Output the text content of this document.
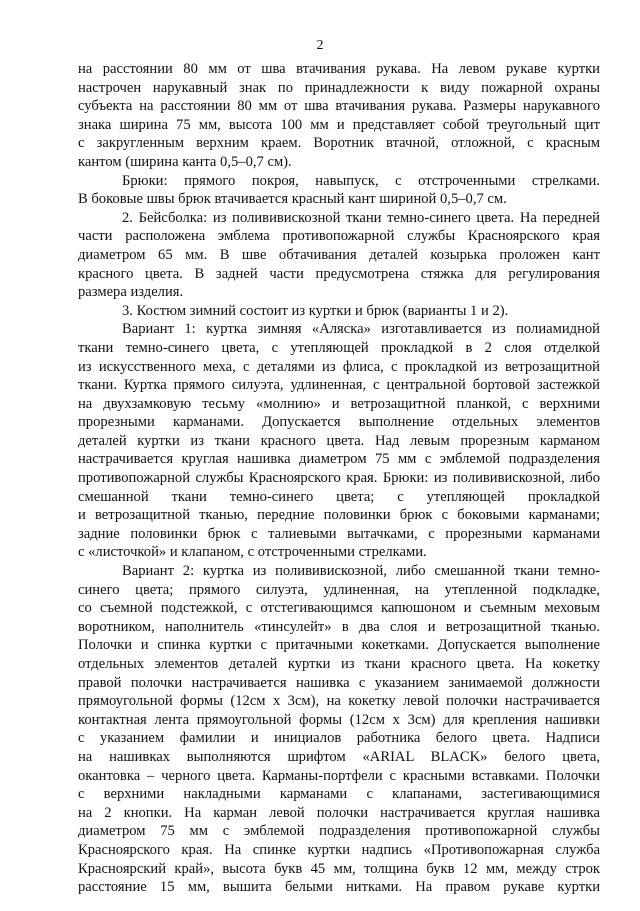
2
на расстоянии 80 мм от шва втачивания рукава. На левом рукаве куртки
настрочен нарукавный знак по принадлежности к виду пожарной охраны
субъекта на расстоянии 80 мм от шва втачивания рукава. Размеры нарукавного
знака ширина 75 мм, высота 100 мм и представляет собой треугольный щит
с закругленным верхним краем. Воротник втачной, отложной, с красным
кантом (ширина канта 0,5–0,7 см).
Брюки: прямого покроя, навыпуск, с отстроченными стрелками.
В боковые швы брюк втачивается красный кант шириной 0,5–0,7 см.
2. Бейсболка: из полививискозной ткани темно-синего цвета. На передней
части расположена эмблема противопожарной службы Красноярского края
диаметром 65 мм. В шве обтачивания деталей козырька проложен кант
красного цвета. В задней части предусмотрена стяжка для регулирования
размера изделия.
3. Костюм зимний состоит из куртки и брюк (варианты 1 и 2).
Вариант 1: куртка зимняя «Аляска» изготавливается из полиамидной
ткани темно-синего цвета, с утепляющей прокладкой в 2 слоя отделкой
из искусственного меха, с деталями из флиса, с прокладкой из ветрозащитной
ткани. Куртка прямого силуэта, удлиненная, с центральной бортовой застежкой
на двухзамковую тесьму «молнию» и ветрозащитной планкой, с верхними
прорезными карманами. Допускается выполнение отдельных элементов
деталей куртки из ткани красного цвета. Над левым прорезным карманом
настрачивается круглая нашивка диаметром 75 мм с эмблемой подразделения
противопожарной службы Красноярского края. Брюки: из полививискозной, либо
смешанной ткани темно-синего цвета; с утепляющей прокладкой
и ветрозащитной тканью, передние половинки брюк с боковыми карманами;
задние половинки брюк с талиевыми вытачками, с прорезными карманами
с «листочкой» и клапаном, с отстроченными стрелками.
Вариант 2: куртка из полививискозной, либо смешанной ткани темно-
синего цвета; прямого силуэта, удлиненная, на утепленной подкладке,
со съемной подстежкой, с отстегивающимся капюшоном и съемным меховым
воротником, наполнитель «тинсулейт» в два слоя и ветрозащитной тканью.
Полочки и спинка куртки с притачными кокетками. Допускается выполнение
отдельных элементов деталей куртки из ткани красного цвета. На кокетку
правой полочки настрачивается нашивка с указанием занимаемой должности
прямоугольной формы (12см х 3см), на кокетку левой полочки настрачивается
контактная лента прямоугольной формы (12см х 3см) для крепления нашивки
с указанием фамилии и инициалов работника белого цвета. Надписи
на нашивках выполняются шрифтом «ARIAL BLACK» белого цвета,
окантовка – черного цвета. Карманы-портфели с красными вставками. Полочки
с верхними накладными карманами с клапанами, застегивающимися
на 2 кнопки. На карман левой полочки настрачивается круглая нашивка
диаметром 75 мм с эмблемой подразделения противопожарной службы
Красноярского края. На спинке куртки надпись «Противопожарная служба
Красноярский край», высота букв 45 мм, толщина букв 12 мм, между строк
расстояние 15 мм, вышита белыми нитками. На правом рукаве куртки
